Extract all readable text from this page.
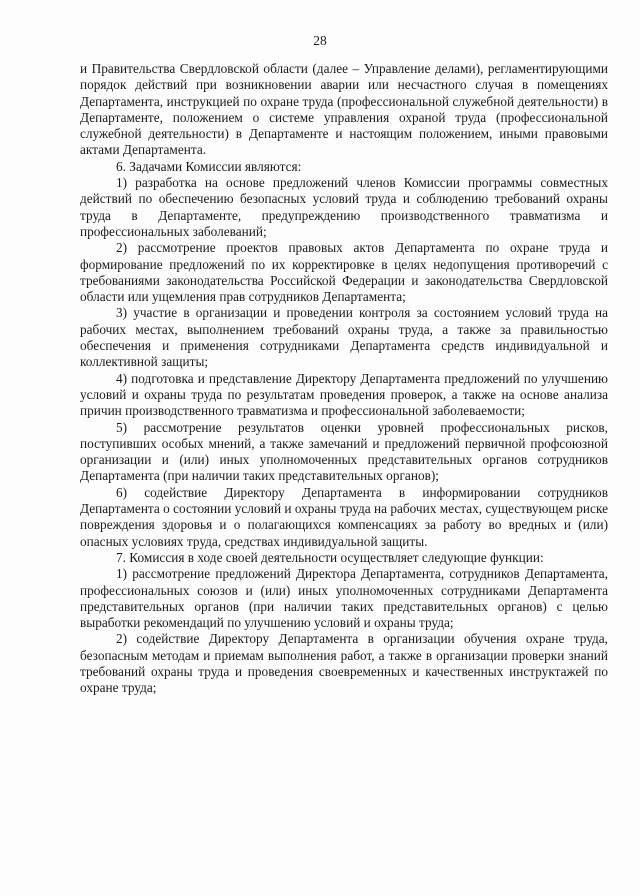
28

и Правительства Свердловской области (далее – Управление делами), регламентирующими порядок действий при возникновении аварии или несчастного случая в помещениях Департамента, инструкцией по охране труда (профессиональной служебной деятельности) в Департаменте, положением о системе управления охраной труда (профессиональной служебной деятельности) в Департаменте и настоящим положением, иными правовыми актами Департамента.

6. Задачами Комиссии являются:

1) разработка на основе предложений членов Комиссии программы совместных действий по обеспечению безопасных условий труда и соблюдению требований охраны труда в Департаменте, предупреждению производственного травматизма и профессиональных заболеваний;

2) рассмотрение проектов правовых актов Департамента по охране труда и формирование предложений по их корректировке в целях недопущения противоречий с требованиями законодательства Российской Федерации и законодательства Свердловской области или ущемления прав сотрудников Департамента;

3) участие в организации и проведении контроля за состоянием условий труда на рабочих местах, выполнением требований охраны труда, а также за правильностью обеспечения и применения сотрудниками Департамента средств индивидуальной и коллективной защиты;

4) подготовка и представление Директору Департамента предложений по улучшению условий и охраны труда по результатам проведения проверок, а также на основе анализа причин производственного травматизма и профессиональной заболеваемости;

5) рассмотрение результатов оценки уровней профессиональных рисков, поступивших особых мнений, а также замечаний и предложений первичной профсоюзной организации и (или) иных уполномоченных представительных органов сотрудников Департамента (при наличии таких представительных органов);

6) содействие Директору Департамента в информировании сотрудников Департамента о состоянии условий и охраны труда на рабочих местах, существующем риске повреждения здоровья и о полагающихся компенсациях за работу во вредных и (или) опасных условиях труда, средствах индивидуальной защиты.

7. Комиссия в ходе своей деятельности осуществляет следующие функции:

1) рассмотрение предложений Директора Департамента, сотрудников Департамента, профессиональных союзов и (или) иных уполномоченных сотрудниками Департамента представительных органов (при наличии таких представительных органов) с целью выработки рекомендаций по улучшению условий и охраны труда;

2) содействие Директору Департамента в организации обучения охране труда, безопасным методам и приемам выполнения работ, а также в организации проверки знаний требований охраны труда и проведения своевременных и качественных инструктажей по охране труда;
